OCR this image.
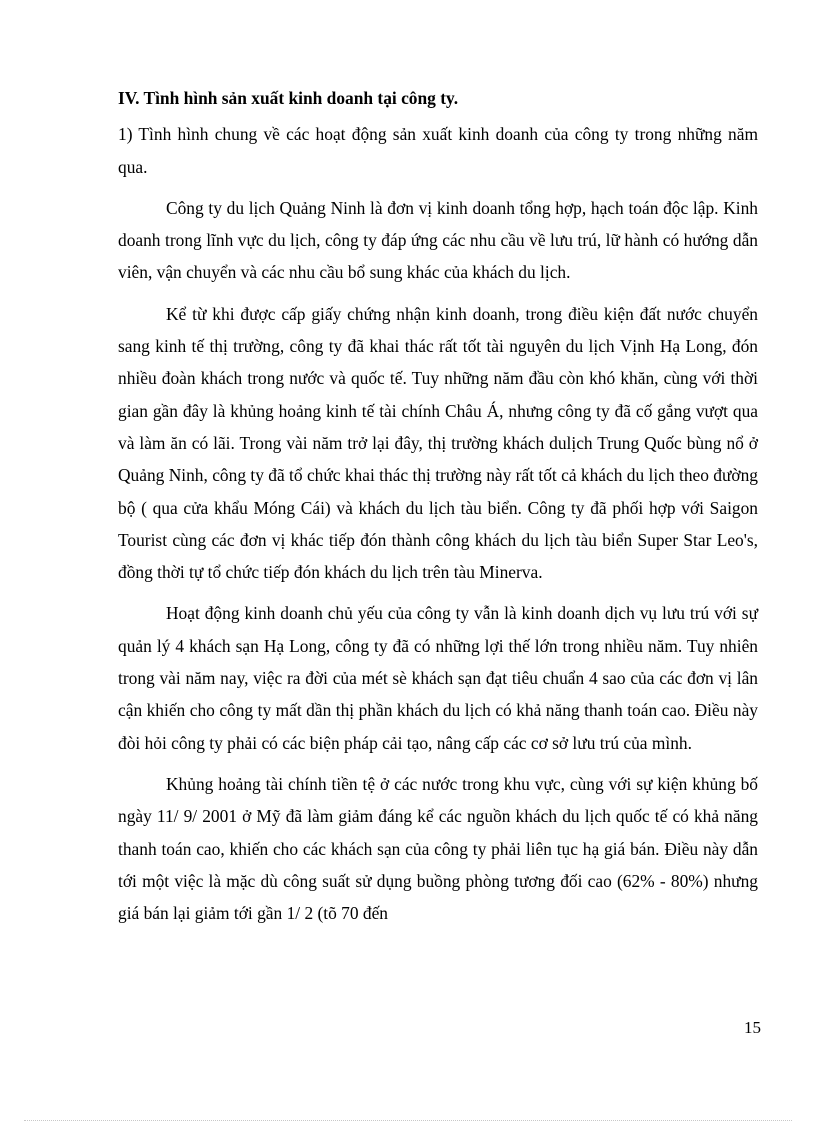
IV. Tình hình sản xuất kinh doanh tại công ty.

1) Tình hình chung về các hoạt động sản xuất kinh doanh của công ty trong những năm qua.

Công ty du lịch Quảng Ninh là đơn vị kinh doanh tổng hợp, hạch toán độc lập. Kinh doanh trong lĩnh vực du lịch, công ty đáp ứng các nhu cầu về lưu trú, lữ hành có hướng dẫn viên, vận chuyển và các nhu cầu bổ sung khác của khách du lịch.

Kể từ khi được cấp giấy chứng nhận kinh doanh, trong điều kiện đất nước chuyển sang kinh tế thị trường, công ty đã khai thác rất tốt tài nguyên du lịch Vịnh Hạ Long, đón nhiều đoàn khách trong nước và quốc tế. Tuy những năm đầu còn khó khăn, cùng với thời gian gần đây là khủng hoảng kinh tế tài chính Châu Á, nhưng công ty đã cố gắng vượt qua và làm ăn có lãi. Trong vài năm trở lại đây, thị trường khách dulịch Trung Quốc bùng nổ ở Quảng Ninh, công ty đã tổ chức khai thác thị trường này rất tốt cả khách du lịch theo đường bộ ( qua cửa khẩu Móng Cái) và khách du lịch tàu biển. Công ty đã phối hợp với Saigon Tourist cùng các đơn vị khác tiếp đón thành công khách du lịch tàu biển Super Star Leo's, đồng thời tự tổ chức tiếp đón khách du lịch trên tàu Minerva.

Hoạt động kinh doanh chủ yếu của công ty vẫn là kinh doanh dịch vụ lưu trú với sự quản lý 4 khách sạn Hạ Long, công ty đã có những lợi thế lớn trong nhiều năm. Tuy nhiên trong vài năm nay, việc ra đời của mét sè khách sạn đạt tiêu chuẩn 4 sao của các đơn vị lân cận khiến cho công ty mất dần thị phần khách du lịch có khả năng thanh toán cao. Điều này đòi hỏi công ty phải có các biện pháp cải tạo, nâng cấp các cơ sở lưu trú của mình.

Khủng hoảng tài chính tiền tệ ở các nước trong khu vực, cùng với sự kiện khủng bố ngày 11/ 9/ 2001 ở Mỹ đã làm giảm đáng kể các nguồn khách du lịch quốc tế có khả năng thanh toán cao, khiến cho các khách sạn của công ty phải liên tục hạ giá bán. Điều này dẫn tới một việc là mặc dù công suất sử dụng buồng phòng tương đối cao (62% - 80%) nhưng giá bán lại giảm tới gần 1/ 2 (tõ 70 đến

15
